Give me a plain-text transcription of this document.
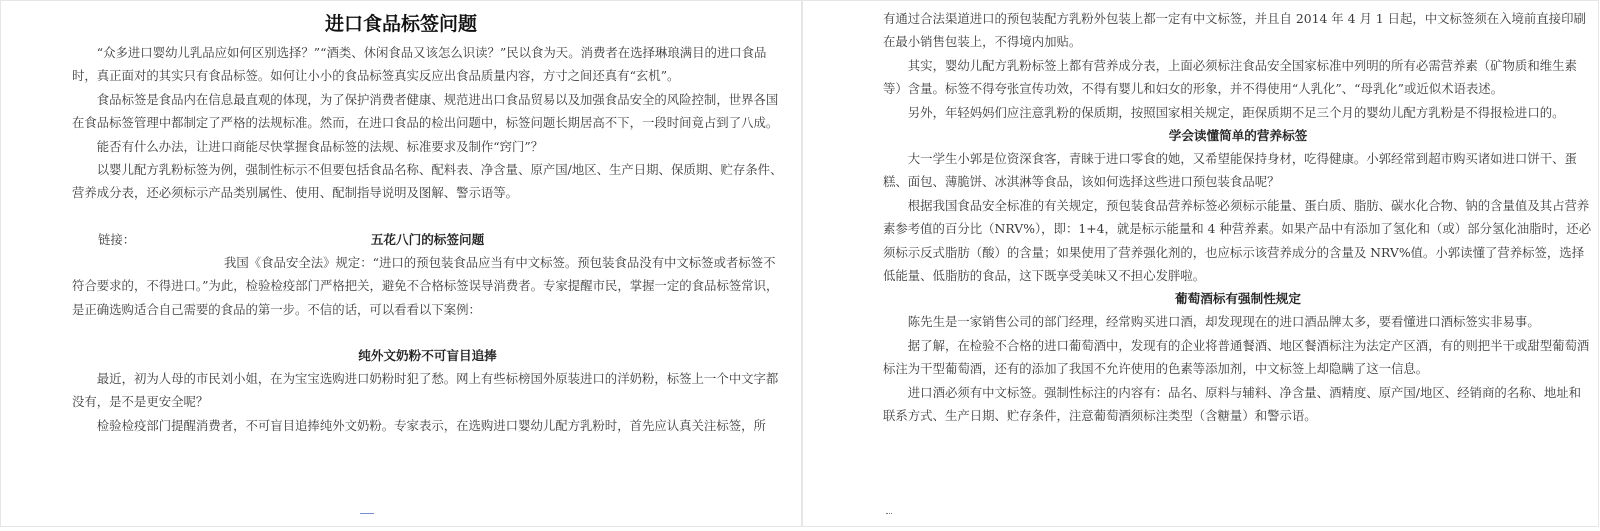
进口食品标签问题

“众多进口婴幼儿乳品应如何区别选择？”“酒类、休闲食品又该怎么识读？”民以食为天。消费者在选择琳琅满目的进口食品时，真正面对的其实只有食品标签。如何让小小的食品标签真实反应出食品质量内容，方寸之间还真有“玄机”。

食品标签是食品内在信息最直观的体现，为了保护消费者健康、规范进出口食品贸易以及加强食品安全的风险控制，世界各国在食品标签管理中都制定了严格的法规标准。然而，在进口食品的检出问题中，标签问题长期居高不下，一段时间竟占到了八成。

能否有什么办法，让进口商能尽快掌握食品标签的法规、标准要求及制作“窍门”？

以婴儿配方乳粉标签为例，强制性标示不但要包括食品名称、配料表、净含量、原产国/地区、生产日期、保质期、贮存条件、营养成分表，还必须标示产品类别属性、使用、配制指导说明及图解、警示语等。

链接：	五花八门的标签问题

我国《食品安全法》规定：“进口的预包装食品应当有中文标签。预包装食品没有中文标签或者标签不符合要求的，不得进口。”为此，检验检疫部门严格把关，避免不合格标签误导消费者。专家提醒市民，掌握一定的食品标签常识，是正确选购适合自己需要的食品的第一步。不信的话，可以看看以下案例：

纯外文奶粉不可盲目追捧

最近，初为人母的市民刘小姐，在为宝宝选购进口奶粉时犯了愁。网上有些标榜国外原装进口的洋奶粉，标签上一个中文字都没有，是不是更安全呢？

检验检疫部门提醒消费者，不可盲目追捧纯外文奶粉。专家表示，在选购进口婴幼儿配方乳粉时，首先应认真关注标签，所

有通过合法渠道进口的预包装配方乳粉外包装上都一定有中文标签，并且自 2014 年 4 月 1 日起，中文标签须在入境前直接印刷在最小销售包装上，不得境内加贴。

其实，婴幼儿配方乳粉标签上都有营养成分表，上面必须标注食品安全国家标准中列明的所有必需营养素（矿物质和维生素等）含量。标签不得夸张宣传功效，不得有婴儿和妇女的形象，并不得使用“人乳化”、“母乳化”或近似术语表述。

另外，年轻妈妈们应注意乳粉的保质期，按照国家相关规定，距保质期不足三个月的婴幼儿配方乳粉是不得报检进口的。

学会读懂简单的营养标签

大一学生小郭是位资深食客，青睐于进口零食的她，又希望能保持身材，吃得健康。小郭经常到超市购买诸如进口饼干、蛋糕、面包、薄脆饼、冰淇淋等食品，该如何选择这些进口预包装食品呢？

根据我国食品安全标准的有关规定，预包装食品营养标签必须标示能量、蛋白质、脂肪、碳水化合物、钠的含量值及其占营养素参考值的百分比（NRV%），即：1+4，就是标示能量和 4 种营养素。如果产品中有添加了氢化和（或）部分氢化油脂时，还必须标示反式脂肪（酸）的含量；如果使用了营养强化剂的，也应标示该营养成分的含量及 NRV%值。小郭读懂了营养标签，选择低能量、低脂肪的食品，这下既享受美味又不担心发胖啦。

葡萄酒标有强制性规定

陈先生是一家销售公司的部门经理，经常购买进口酒，却发现现在的进口酒品牌太多，要看懂进口酒标签实非易事。

据了解，在检验不合格的进口葡萄酒中，发现有的企业将普通餐酒、地区餐酒标注为法定产区酒，有的则把半干或甜型葡萄酒标注为干型葡萄酒，还有的添加了我国不允许使用的色素等添加剂，中文标签上却隐瞒了这一信息。

进口酒必须有中文标签。强制性标注的内容有：品名、原料与辅料、净含量、酒精度、原产国/地区、经销商的名称、地址和联系方式、生产日期、贮存条件，注意葡萄酒须标注类型（含糖量）和警示语。
